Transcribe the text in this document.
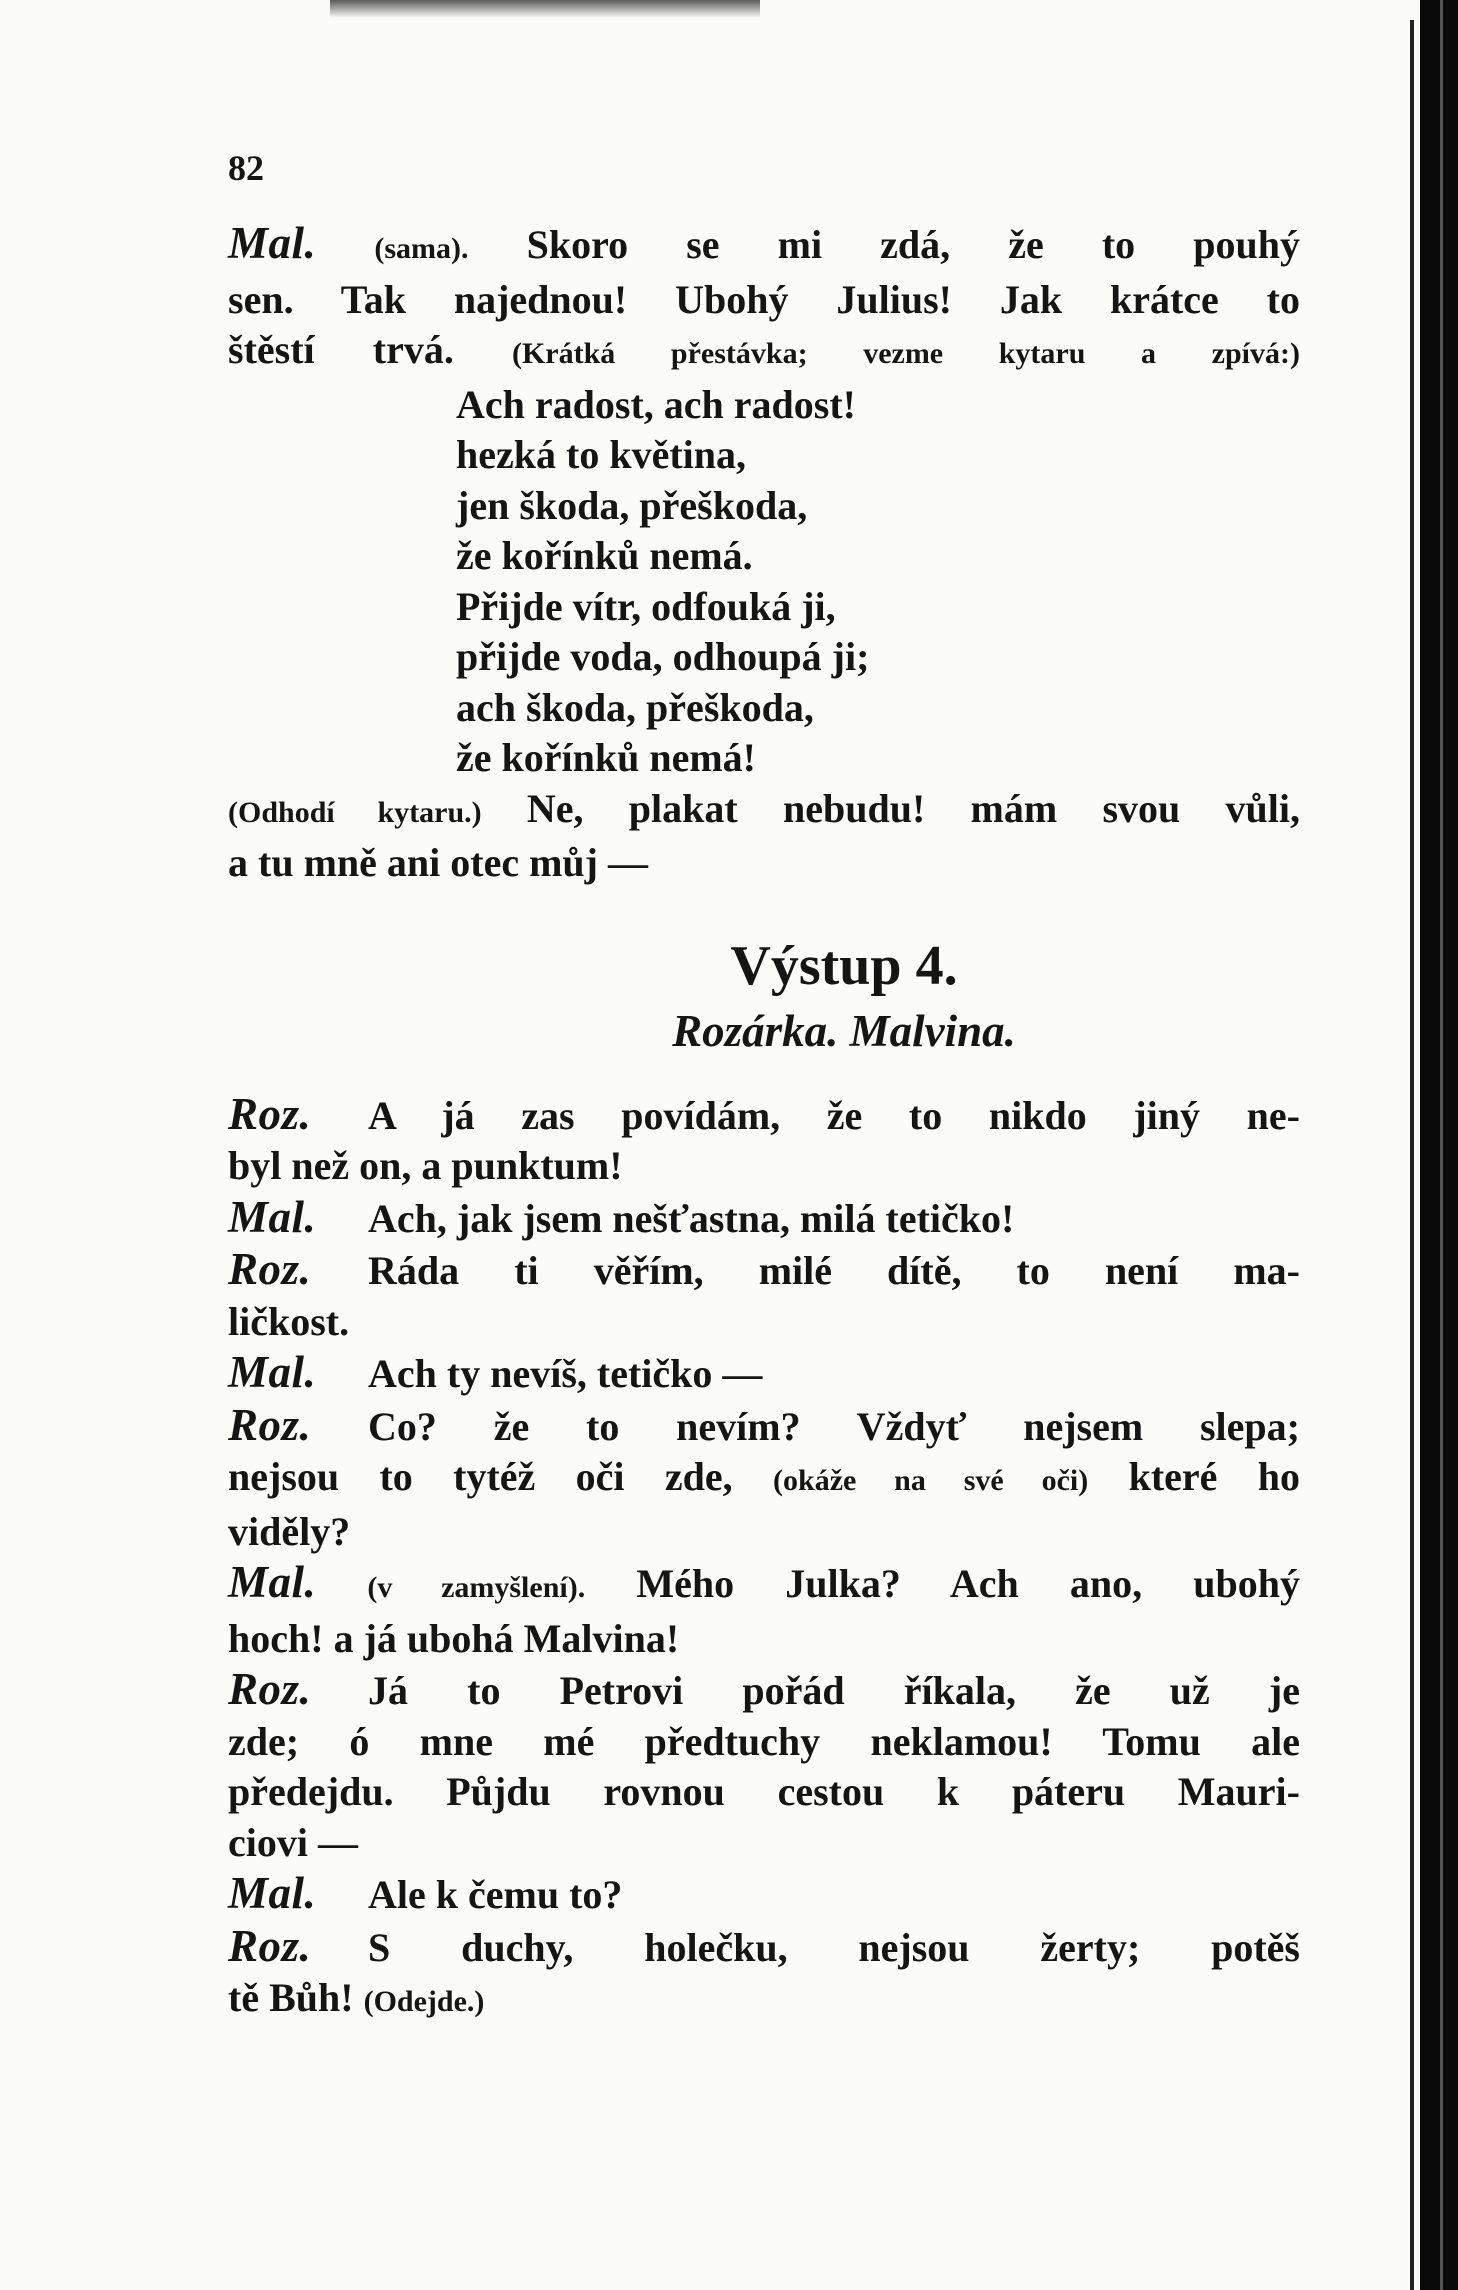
82
Mal. (sama). Skoro se mi zdá, že to pouhý
sen. Tak najednou! Ubohý Julius! Jak krátce to
štěstí trvá. (Krátká přestávka; vezme kytaru a zpívá:)
Ach radost, ach radost!
hezká to květina,
jen škoda, přeškoda,
že kořínků nemá.
Přijde vítr, odfouká ji,
přijde voda, odhoupá ji;
ach škoda, přeškoda,
že kořínků nemá!
(Odhodí kytaru.) Ne, plakat nebudu! mám svou vůli,
a tu mně ani otec můj —
Výstup 4.
Rozárka. Malvina.
Roz. A já zas povídám, že to nikdo jiný ne-
byl než on, a punktum!
Mal. Ach, jak jsem nešťastna, milá tetičko!
Roz. Ráda ti věřím, milé dítě, to není ma-
ličkost.
Mal. Ach ty nevíš, tetičko —
Roz. Co? že to nevím? Vždyť nejsem slepa;
nejsou to tytéž oči zde, (okáže na své oči) které ho
viděly?
Mal. (v zamyšlení). Mého Julka? Ach ano, ubohý
hoch! a já ubohá Malvina!
Roz. Já to Petrovi pořád říkala, že už je
zde; ó mne mé předtuchy neklamou! Tomu ale
předejdu. Půjdu rovnou cestou k páteru Mauri-
ciovi —
Mal. Ale k čemu to?
Roz. S duchy, holečku, nejsou žerty; potěš
tě Bůh! (Odejde.)
